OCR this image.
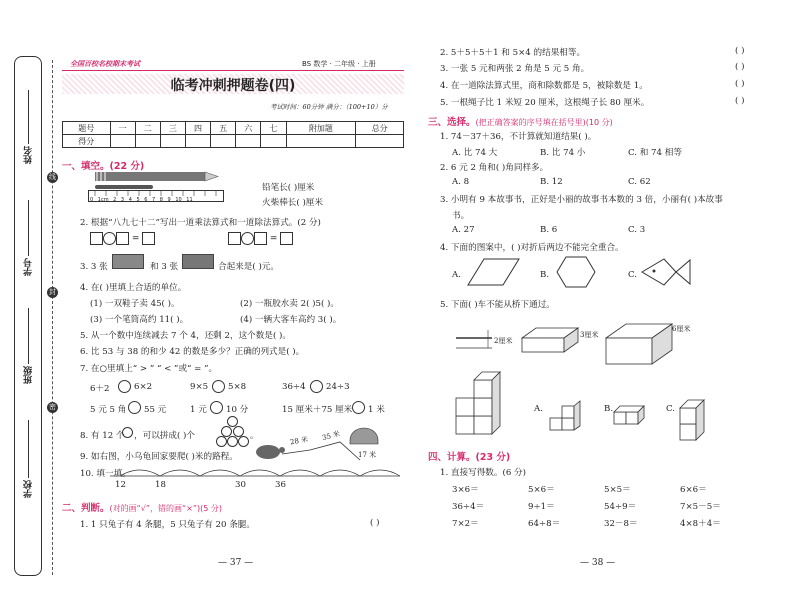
姓名
学号
班级
学校
线
封
密
全国百校名校期末考试	BS 数学 · 二年级 · 上册
临考冲刺押题卷(四)
考试时间：60分钟 满分：（100+10）分
题号	一	二	三	四	五	六	七	附加题	总分
得分									
一、填空。(22 分)
0 1cm 2 3 4 5 6 7 8 9 10 11
铅笔长( )厘米
火柴棒长( )厘米
2. 根据“八九七十二”写出一道乘法算式和一道除法算式。(2 分)
=	=
3. 3 张	和 3 张	合起来是( )元。
4. 在( )里填上合适的单位。
(1) 一双鞋子卖 45( )。	(2) 一瓶胶水卖 2( )5( )。
(3) 一个笔筒高约 11( )。	(4) 一辆大客车高约 3( )。
5. 从一个数中连续减去 7 个 4，还剩 2，这个数是( )。
6. 比 53 与 38 的和少 42 的数是多少？正确的列式是( )。
7. 在○里填上“ > ” “ < ”或“ = ”。
6＋2	6×2	9×5 5×8	36÷4 24÷3
5 元 5 角 55 元	1 元 10 分	15 厘米＋75 厘米 1 米
8. 有 12 个 ，可以拼成( )个	。	28 米 35 米
17 米
9. 如右图，小乌龟回家要爬( )米的路程。
10. 填一填。
12	18	30	36
二、判断。(对的画“√”，错的画“×”)(5 分)
1. 1 只兔子有 4 条腿，5 只兔子有 20 条腿。	( )
— 37 —
2. 5＋5＋5＋1 和 5×4 的结果相等。	( )
3. 一张 5 元和两张 2 角是 5 元 5 角。	( )
4. 在一道除法算式里，商和除数都是 5，被除数是 1。	( )
5. 一根绳子比 1 米短 20 厘米，这根绳子长 80 厘米。	( )
三、选择。(把正确答案的序号填在括号里)(10 分)
1. 74－37＋36，不计算就知道结果( )。
A. 比 74 大	B. 比 74 小	C. 和 74 相等
2. 6 元 2 角和( )角同样多。
A. 8	B. 12	C. 62
3. 小明有 9 本故事书，正好是小丽的故事书本数的 3 倍，小丽有( )本故事
书。
A. 27	B. 6	C. 3
4. 下面的图案中，( )对折后两边不能完全重合。
A.	B.	C.
5. 下面( )车不能从桥下通过。
2厘米
3厘米
6厘米
A.	B.	C.
四、计算。(23 分)
1. 直接写得数。(6 分)
3×6＝	5×6＝	5×5＝	6×6＝
36÷4＝	9÷1＝	54÷9＝	7×5－5＝
7×2＝	64÷8＝	32－8＝	4×8＋4＝
— 38 —
